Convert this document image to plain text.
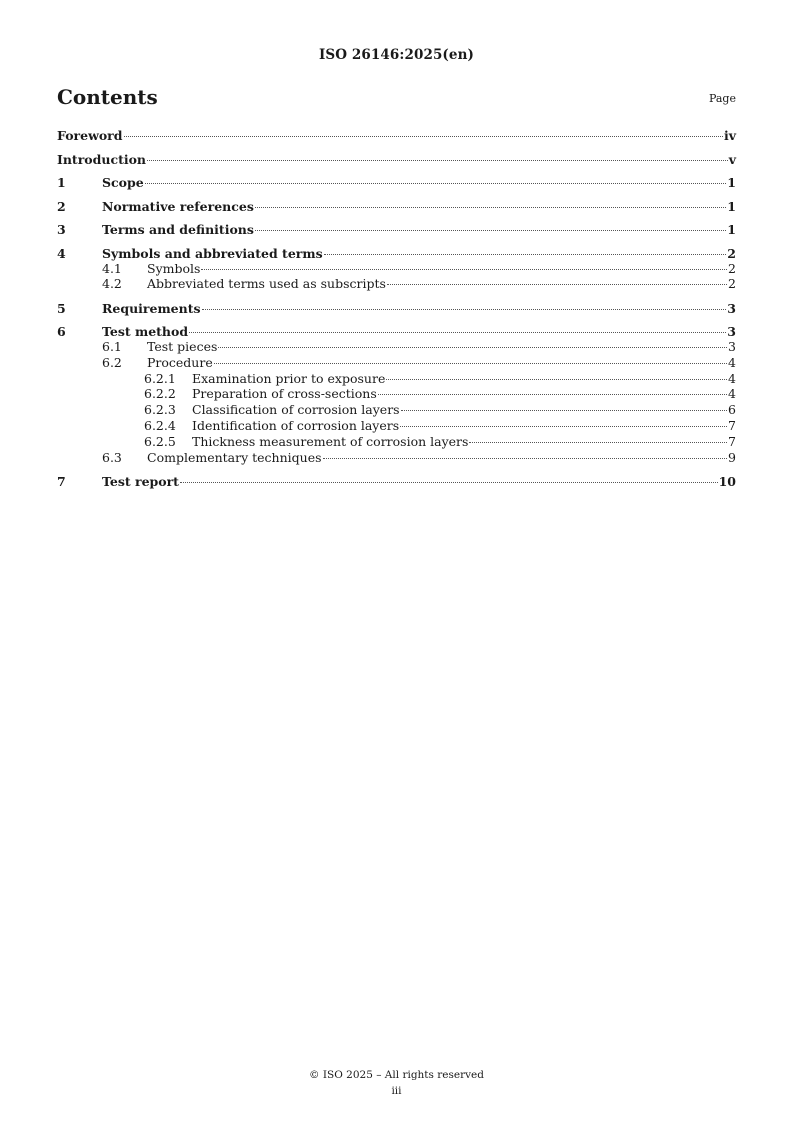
ISO 26146:2025(en)
Contents	Page
Foreword	iv
Introduction	v
1	Scope	1
2	Normative references	1
3	Terms and definitions	1
4	Symbols and abbreviated terms	2
4.1	Symbols	2
4.2	Abbreviated terms used as subscripts	2
5	Requirements	3
6	Test method	3
6.1	Test pieces	3
6.2	Procedure	4
6.2.1	Examination prior to exposure	4
6.2.2	Preparation of cross-sections	4
6.2.3	Classification of corrosion layers	6
6.2.4	Identification of corrosion layers	7
6.2.5	Thickness measurement of corrosion layers	7
6.3	Complementary techniques	9
7	Test report	10
© ISO 2025 – All rights reserved
iii
